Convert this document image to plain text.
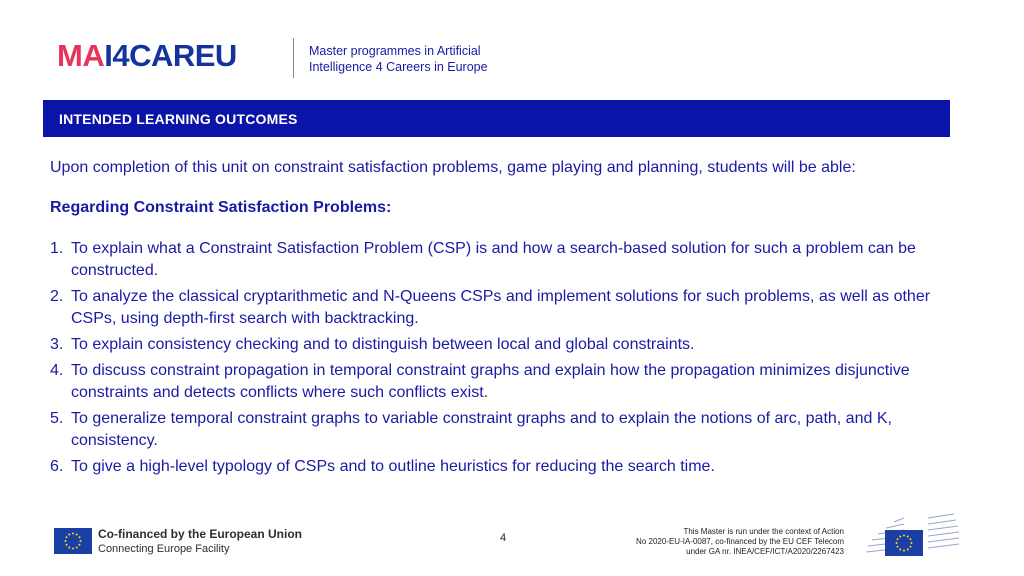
MAI4CAREU	Master programmes in Artificial
Intelligence 4 Careers in Europe
INTENDED LEARNING OUTCOMES
Upon completion of this unit on constraint satisfaction problems, game playing and planning, students will be able:
Regarding Constraint Satisfaction Problems:
1. To explain what a Constraint Satisfaction Problem (CSP) is and how a search-based solution for such a problem can be constructed.
2. To analyze the classical cryptarithmetic and N-Queens CSPs and implement solutions for such problems, as well as other CSPs, using depth-first search with backtracking.
3. To explain consistency checking and to distinguish between local and global constraints.
4. To discuss constraint propagation in temporal constraint graphs and explain how the propagation minimizes disjunctive constraints and detects conflicts where such conflicts exist.
5. To generalize temporal constraint graphs to variable constraint graphs and to explain the notions of arc, path, and K, consistency.
6. To give a high-level typology of CSPs and to outline heuristics for reducing the search time.
Co-financed by the European Union
Connecting Europe Facility
4
This Master is run under the context of Action
No 2020-EU-IA-0087, co-financed by the EU CEF Telecom
under GA nr. INEA/CEF/ICT/A2020/2267423
